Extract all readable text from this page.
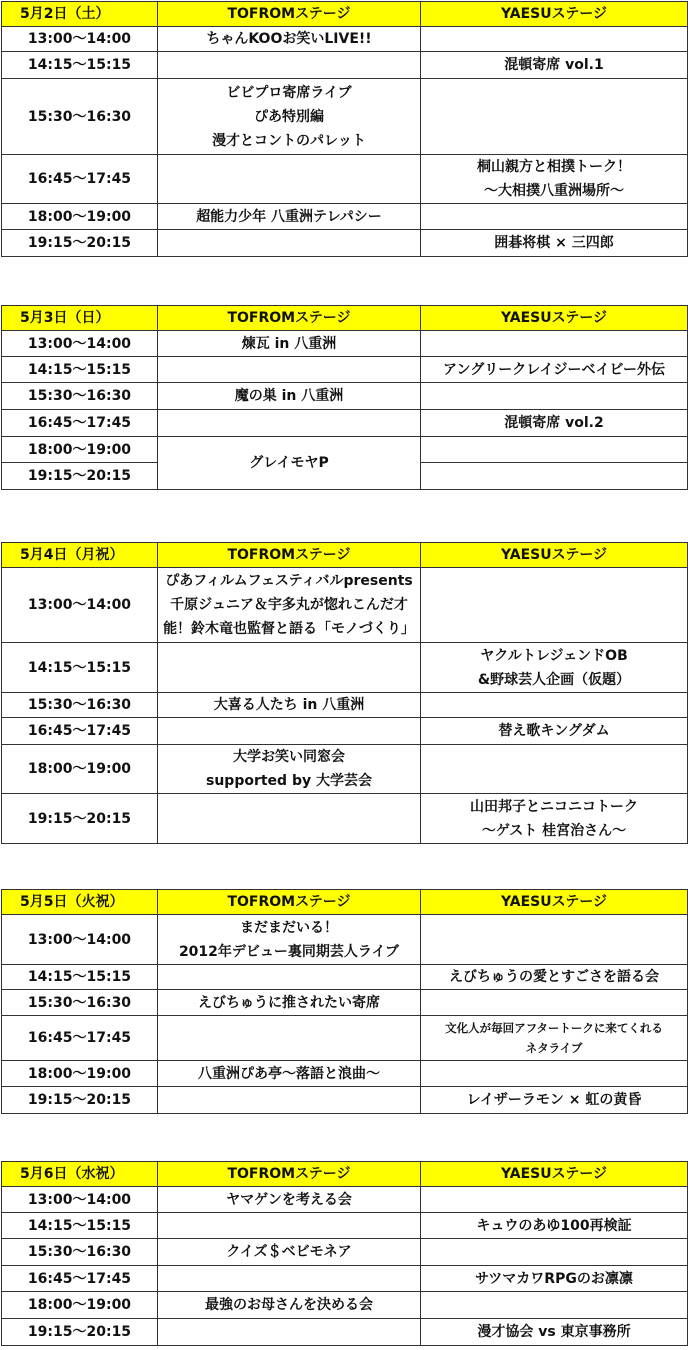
5月2日（土）	TOFROMステージ	YAESUステージ
13:00〜14:00	ちゃんKOOお笑いLIVE!!	

14:15〜15:15		混頓寄席 vol.1

15:30〜16:30	ビビプロ寄席ライブ
ぴあ特別編
漫才とコントのパレット	

16:45〜17:45		桐山親方と相撲トーク！
〜大相撲八重洲場所〜

18:00〜19:00	超能力少年 八重洲テレパシー	

19:15〜20:15		囲碁将棋 × 三四郎
5月3日（日）	TOFROMステージ	YAESUステージ
13:00〜14:00	煉瓦 in 八重洲	

14:15〜15:15		アングリークレイジーベイビー外伝

15:30〜16:30	魔の巣 in 八重洲	

16:45〜17:45		混頓寄席 vol.2

18:00〜19:00	グレイモヤP	

19:15〜20:15		
5月4日（月祝）	TOFROMステージ	YAESUステージ
13:00〜14:00	ぴあフィルムフェスティバルpresents
千原ジュニア＆宇多丸が惚れこんだ才
能！鈴木竜也監督と語る「モノづくり」	

14:15〜15:15		ヤクルトレジェンドOB
&野球芸人企画（仮題）

15:30〜16:30	大喜る人たち in 八重洲	

16:45〜17:45		替え歌キングダム

18:00〜19:00	大学お笑い同窓会
supported by 大学芸会	

19:15〜20:15		山田邦子とニコニコトーク
〜ゲスト 桂宮治さん〜
5月5日（火祝）	TOFROMステージ	YAESUステージ
13:00〜14:00	まだまだいる！
2012年デビュー裏同期芸人ライブ	

14:15〜15:15		えびちゅうの愛とすごさを語る会

15:30〜16:30	えびちゅうに推されたい寄席	

16:45〜17:45		文化人が毎回アフタートークに来てくれる
ネタライブ

18:00〜19:00	八重洲ぴあ亭〜落語と浪曲〜	

19:15〜20:15		レイザーラモン × 虹の黄昏
5月6日（水祝）	TOFROMステージ	YAESUステージ
13:00〜14:00	ヤマゲンを考える会	

14:15〜15:15		キュウのあゆ100再検証

15:30〜16:30	クイズ＄ベビモネア	

16:45〜17:45		サツマカワRPGのお凛凛

18:00〜19:00	最強のお母さんを決める会	

19:15〜20:15		漫才協会 vs 東京事務所
